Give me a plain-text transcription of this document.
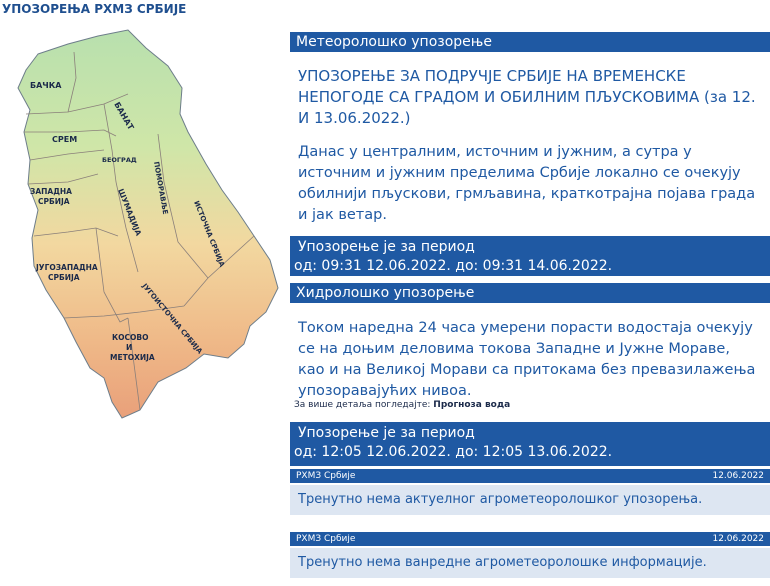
УПОЗОРЕЊА РХМЗ СРБИЈЕ
БАЧКА
БАНАТ
СРЕМ
БЕОГРАД
ЗАПАДНА
СРБИЈА	ШУМАДИЈА ПОМОРАВЉЕ
ИСТОЧНА СРБИЈА
ЈУГОЗАПАДНА
СРБИЈА
ЈУГОИСТОЧНА СРБИЈА
КОСОВО
И
МЕТОХИЈА
Метеоролошко упозорење
УПОЗОРЕЊЕ ЗА ПОДРУЧЈЕ СРБИЈЕ НА ВРЕМЕНСКЕ НЕПОГОДЕ СА ГРАДОМ И ОБИЛНИМ ПЉУСКОВИМА (за 12. И 13.06.2022.)
Данас у централним, источним и јужним, а сутра у источним и јужним пределима Србије локално се очекују обилнији пљускови, грмљавина, краткотрајна појава града и јак ветар.
Упозорење је за период
од: 09:31 12.06.2022. до: 09:31 14.06.2022.
Хидролошко упозорење
Током наредна 24 часа умерени порасти водостаја очекују се на доњим деловима токова Западне и Јужне Мораве, као и на Великој Морави са притокама без превазилажења упозоравајућих нивоа.
За више детаља погледајте: Прогноза вода
Упозорење је за период
од: 12:05 12.06.2022. до: 12:05 13.06.2022.
РХМЗ Србије	12.06.2022
Тренутно нема актуелног агрометеоролошког упозорења.
РХМЗ Србије	12.06.2022
Тренутно нема ванредне агрометеоролошке информације.
